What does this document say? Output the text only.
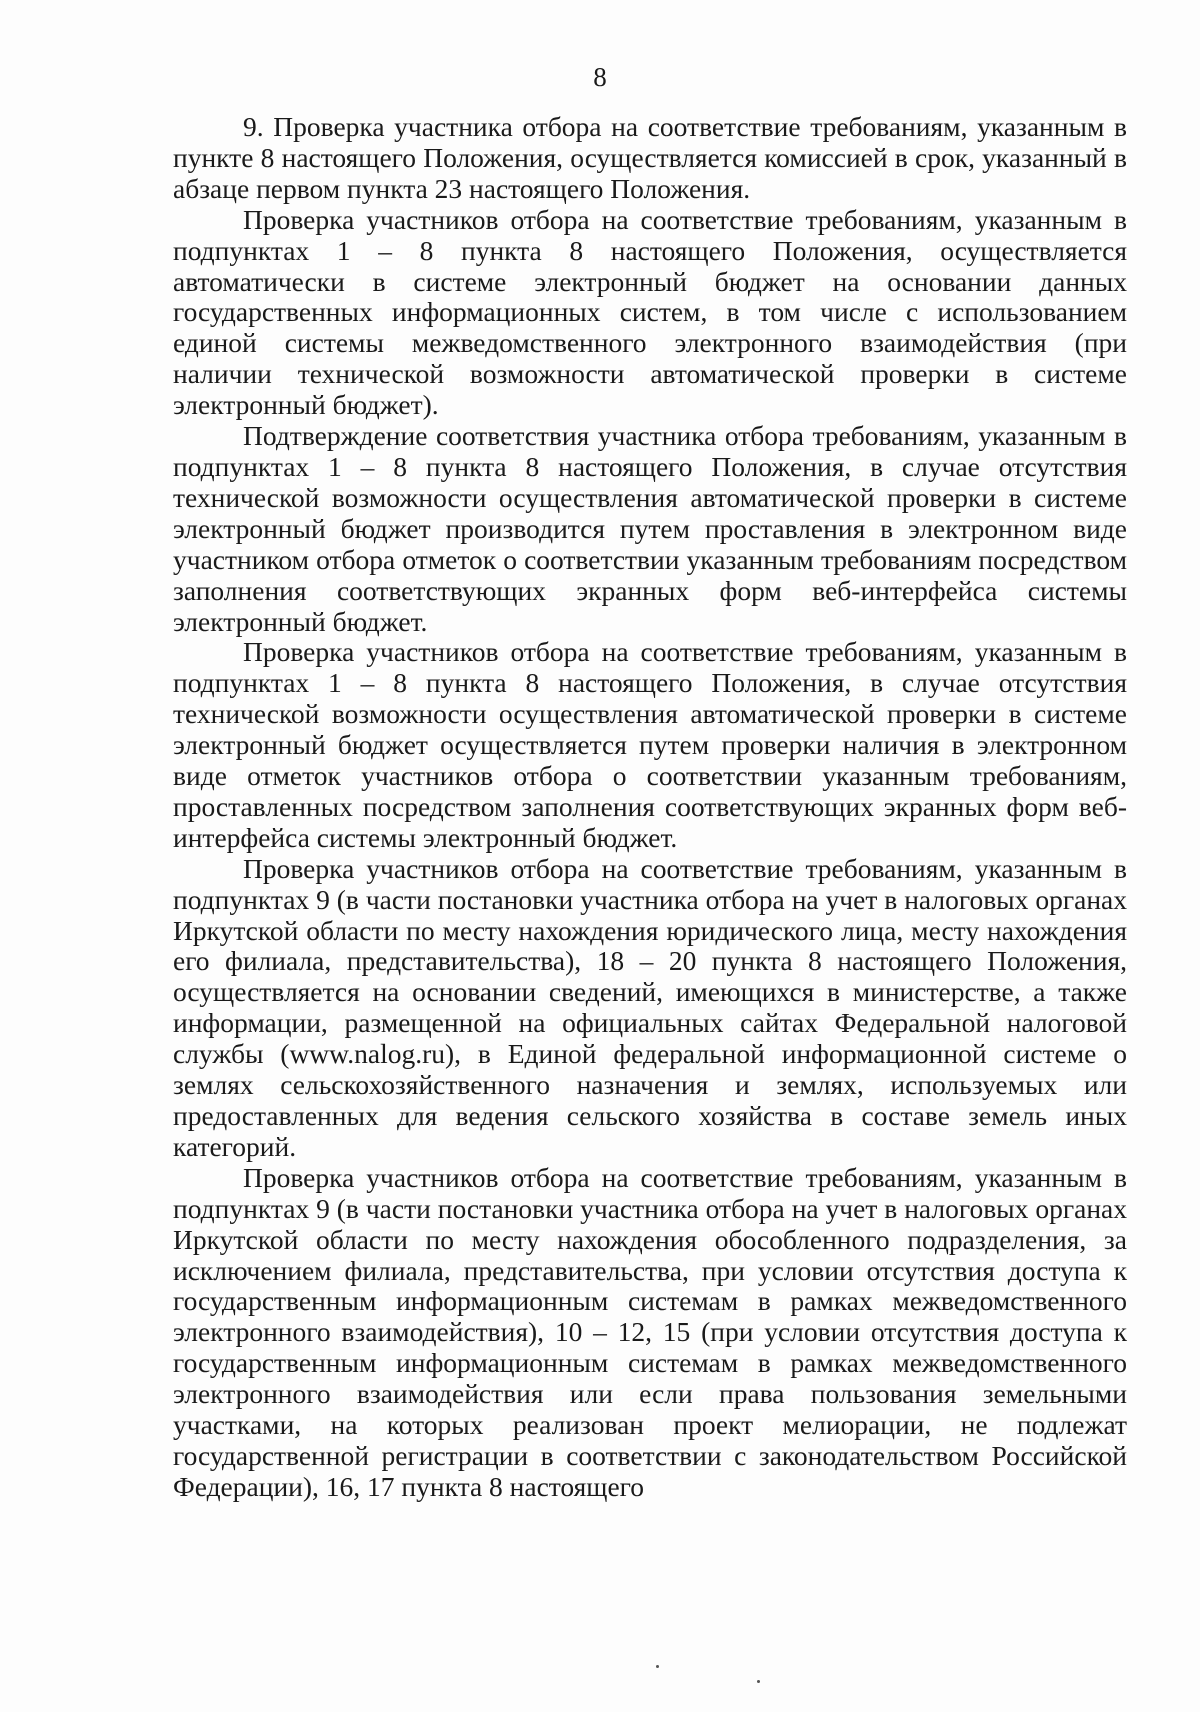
8

9. Проверка участника отбора на соответствие требованиям, указанным в пункте 8 настоящего Положения, осуществляется комиссией в срок, указанный в абзаце первом пункта 23 настоящего Положения.

Проверка участников отбора на соответствие требованиям, указанным в подпунктах 1 – 8 пункта 8 настоящего Положения, осуществляется автоматически в системе электронный бюджет на основании данных государственных информационных систем, в том числе с использованием единой системы межведомственного электронного взаимодействия (при наличии технической возможности автоматической проверки в системе электронный бюджет).

Подтверждение соответствия участника отбора требованиям, указанным в подпунктах 1 – 8 пункта 8 настоящего Положения, в случае отсутствия технической возможности осуществления автоматической проверки в системе электронный бюджет производится путем проставления в электронном виде участником отбора отметок о соответствии указанным требованиям посредством заполнения соответствующих экранных форм веб-интерфейса системы электронный бюджет.

Проверка участников отбора на соответствие требованиям, указанным в подпунктах 1 – 8 пункта 8 настоящего Положения, в случае отсутствия технической возможности осуществления автоматической проверки в системе электронный бюджет осуществляется путем проверки наличия в электронном виде отметок участников отбора о соответствии указанным требованиям, проставленных посредством заполнения соответствующих экранных форм веб-интерфейса системы электронный бюджет.

Проверка участников отбора на соответствие требованиям, указанным в подпунктах 9 (в части постановки участника отбора на учет в налоговых органах Иркутской области по месту нахождения юридического лица, месту нахождения его филиала, представительства), 18 – 20 пункта 8 настоящего Положения, осуществляется на основании сведений, имеющихся в министерстве, а также информации, размещенной на официальных сайтах Федеральной налоговой службы (www.nalog.ru), в Единой федеральной информационной системе о землях сельскохозяйственного назначения и землях, используемых или предоставленных для ведения сельского хозяйства в составе земель иных категорий.

Проверка участников отбора на соответствие требованиям, указанным в подпунктах 9 (в части постановки участника отбора на учет в налоговых органах Иркутской области по месту нахождения обособленного подразделения, за исключением филиала, представительства, при условии отсутствия доступа к государственным информационным системам в рамках межведомственного электронного взаимодействия), 10 – 12, 15 (при условии отсутствия доступа к государственным информационным системам в рамках межведомственного электронного взаимодействия или если права пользования земельными участками, на которых реализован проект мелиорации, не подлежат государственной регистрации в соответствии с законодательством Российской Федерации), 16, 17 пункта 8 настоящего
